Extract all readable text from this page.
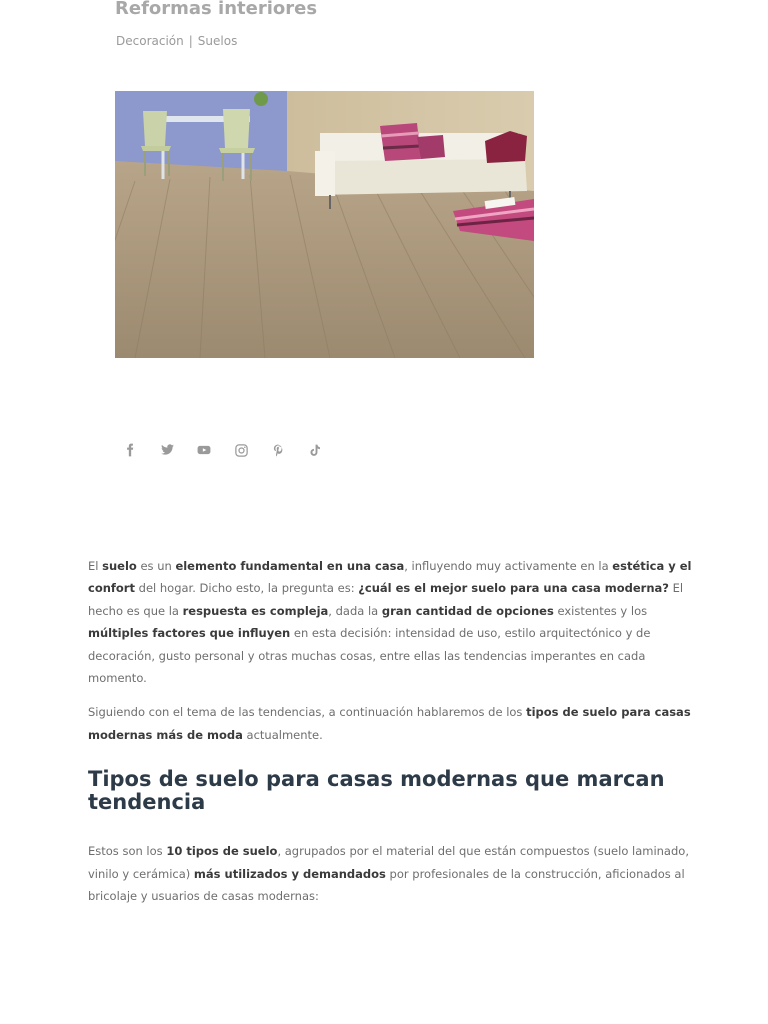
Reformas interiores
Decoración | Suelos

El suelo es un elemento fundamental en una casa, influyendo muy activamente en la estética y el confort del hogar. Dicho esto, la pregunta es: ¿cuál es el mejor suelo para una casa moderna? El hecho es que la respuesta es compleja, dada la gran cantidad de opciones existentes y los múltiples factores que influyen en esta decisión: intensidad de uso, estilo arquitectónico y de decoración, gusto personal y otras muchas cosas, entre ellas las tendencias imperantes en cada momento.

Siguiendo con el tema de las tendencias, a continuación hablaremos de los tipos de suelo para casas modernas más de moda actualmente.

Tipos de suelo para casas modernas que marcan tendencia

Estos son los 10 tipos de suelo, agrupados por el material del que están compuestos (suelo laminado, vinilo y cerámica) más utilizados y demandados por profesionales de la construcción, aficionados al bricolaje y usuarios de casas modernas:
